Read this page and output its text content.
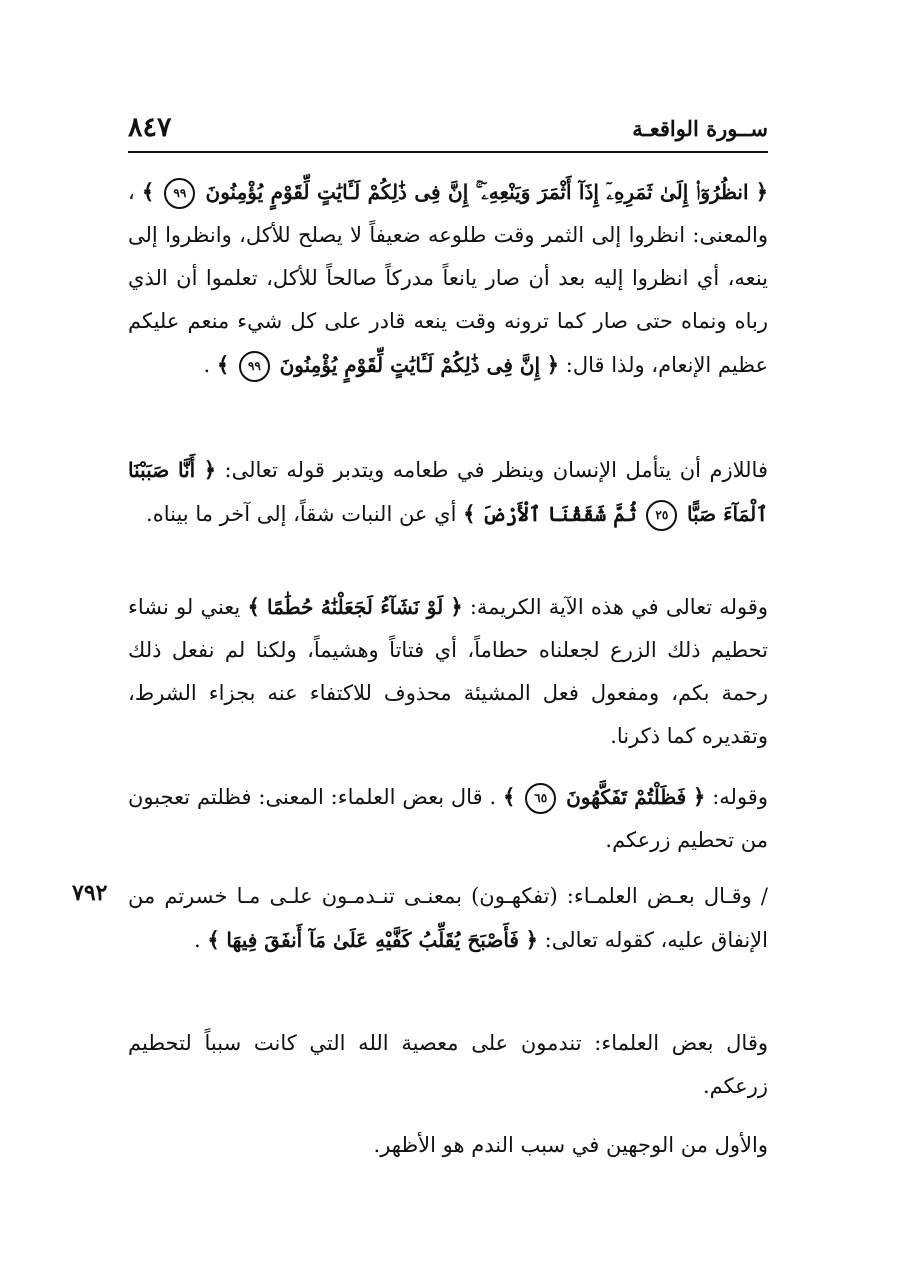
ســورة الواقعـة
٨٤٧
﴿ انظُرُوٓا۟ إِلَىٰ ثَمَرِهِۦٓ إِذَآ أَثْمَرَ وَيَنْعِهِۦٓ ۚ إِنَّ فِى ذَٰلِكُمْ لَـَٔايَٰتٍ لِّقَوْمٍ يُؤْمِنُونَ ٩٩ ﴾ ، والمعنى: انظروا إلى الثمر وقت طلوعه ضعيفاً لا يصلح للأكل، وانظروا إلى ينعه، أي انظروا إليه بعد أن صار يانعاً مدركاً صالحاً للأكل، تعلموا أن الذي رباه ونماه حتى صار كما ترونه وقت ينعه قادر على كل شيء منعم عليكم عظيم الإنعام، ولذا قال: ﴿ إِنَّ فِى ذَٰلِكُمْ لَـَٔايَٰتٍ لِّقَوْمٍ يُؤْمِنُونَ ٩٩ ﴾ .
فاللازم أن يتأمل الإنسان وينظر في طعامه ويتدبر قوله تعالى: ﴿ أَنَّا صَبَبْنَا ٱلْمَآءَ صَبًّا ٢٥ ثُمَّ شَقَقْنَا ٱلْأَرْضَ ﴾ أي عن النبات شقاً، إلى آخر ما بيناه.
وقوله تعالى في هذه الآية الكريمة: ﴿ لَوْ نَشَآءُ لَجَعَلْنَٰهُ حُطَٰمًا ﴾ يعني لو نشاء تحطيم ذلك الزرع لجعلناه حطاماً، أي فتاتاً وهشيماً، ولكنا لم نفعل ذلك رحمة بكم، ومفعول فعل المشيئة محذوف للاكتفاء عنه بجزاء الشرط، وتقديره كما ذكرنا.
وقوله: ﴿ فَظَلْتُمْ تَفَكَّهُونَ ٦٥ ﴾ . قال بعض العلماء: المعنى: فظلتم تعجبون من تحطيم زرعكم.
٧٩٢ / وقـال بعـض العلمـاء: (تفكهـون) بمعنـى تنـدمـون علـى مـا خسرتم من الإنفاق عليه، كقوله تعالى: ﴿ فَأَصْبَحَ يُقَلِّبُ كَفَّيْهِ عَلَىٰ مَآ أَنفَقَ فِيهَا ﴾ .
وقال بعض العلماء: تندمون على معصية الله التي كانت سبباً لتحطيم زرعكم.
والأول من الوجهين في سبب الندم هو الأظهر.
